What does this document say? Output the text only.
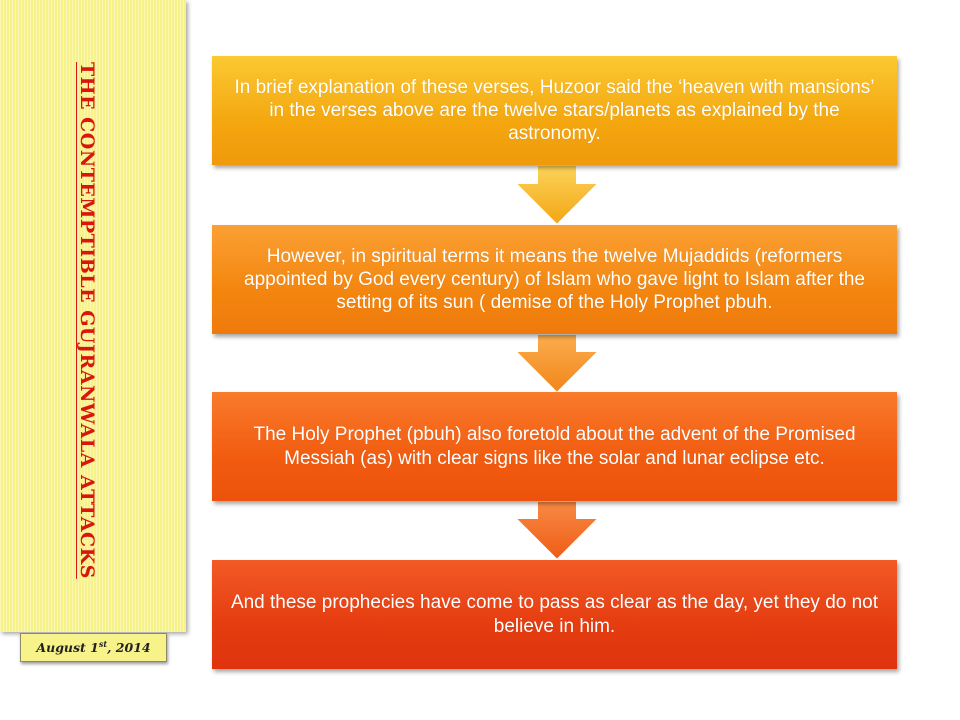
THE CONTEMPTIBLE GUJRANWALA ATTACKS
August 1st, 2014
In brief explanation of these verses, Huzoor said the ‘heaven with mansions’ in the verses above are the twelve stars/planets as explained by the astronomy.
However, in spiritual terms it means the twelve Mujaddids (reformers appointed by God every century) of Islam who gave light to Islam after the setting of its sun ( demise of the Holy Prophet pbuh.
The Holy Prophet (pbuh) also foretold about the advent of the Promised Messiah (as) with clear signs like the solar and lunar eclipse etc.
And these prophecies have come to pass as clear as the day, yet they do not believe in him.
